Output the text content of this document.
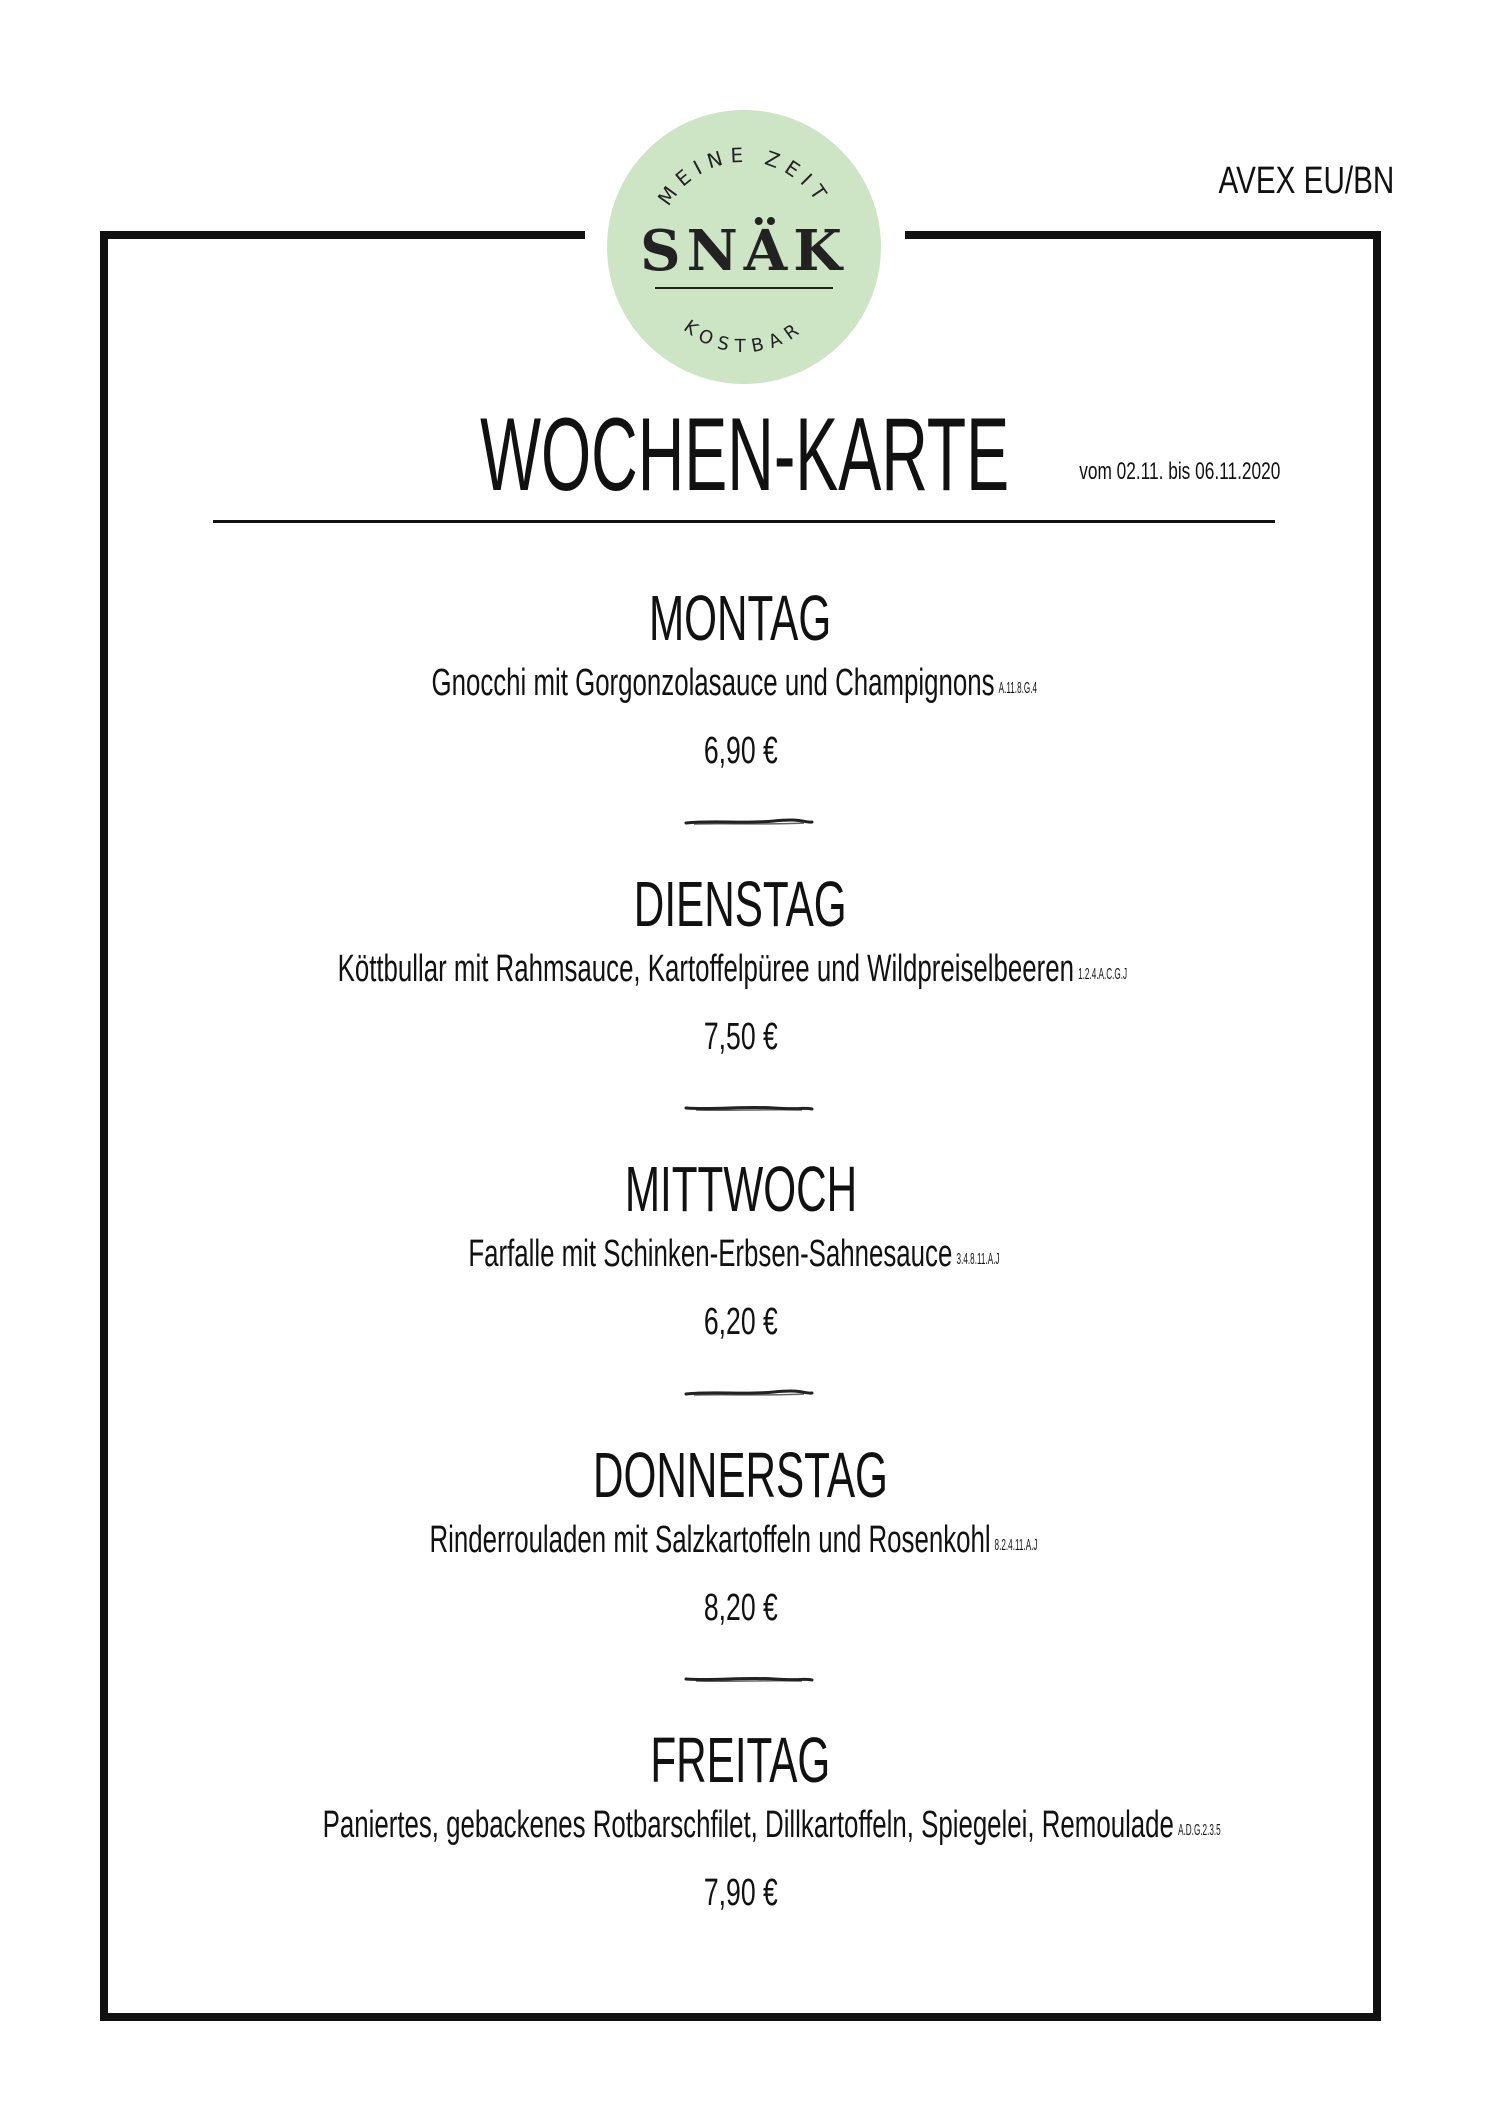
MEINE ZEIT
SNÄK
KOSTBAR
AVEX EU/BN
WOCHEN-KARTE	vom 02.11. bis 06.11.2020
MONTAG
Gnocchi mit Gorgonzolasauce und Champignons A.11.8.G.4
6,90 €
DIENSTAG
Köttbullar mit Rahmsauce, Kartoffelpüree und Wildpreiselbeeren 1.2.4.A.C.G.J
7,50 €
MITTWOCH
Farfalle mit Schinken-Erbsen-Sahnesauce 3.4.8.11.A.J
6,20 €
DONNERSTAG
Rinderrouladen mit Salzkartoffeln und Rosenkohl 8.2.4.11.A.J
8,20 €
FREITAG
Paniertes, gebackenes Rotbarschfilet, Dillkartoffeln, Spiegelei, Remoulade A.D.G.2.3.5
7,90 €
